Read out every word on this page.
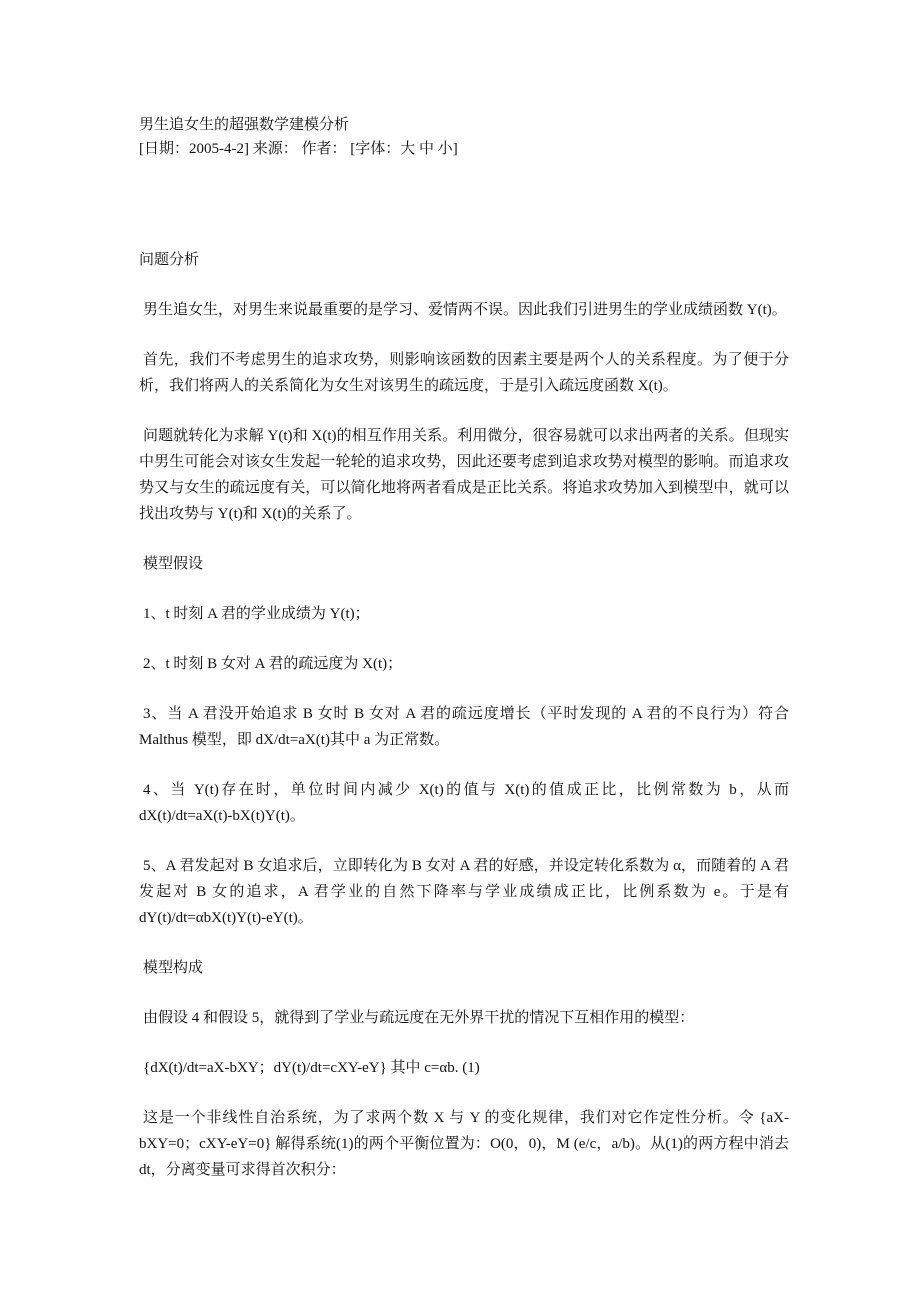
男生追女生的超强数学建模分析

[日期：2005-4-2] 来源： 作者： [字体：大 中 小]

问题分析

男生追女生，对男生来说最重要的是学习、爱情两不误。因此我们引进男生的学业成绩函数 Y(t)。

首先，我们不考虑男生的追求攻势，则影响该函数的因素主要是两个人的关系程度。为了便于分析，我们将两人的关系简化为女生对该男生的疏远度，于是引入疏远度函数 X(t)。

问题就转化为求解 Y(t)和 X(t)的相互作用关系。利用微分，很容易就可以求出两者的关系。但现实中男生可能会对该女生发起一轮轮的追求攻势，因此还要考虑到追求攻势对模型的影响。而追求攻势又与女生的疏远度有关，可以简化地将两者看成是正比关系。将追求攻势加入到模型中，就可以找出攻势与 Y(t)和 X(t)的关系了。

模型假设

1、t 时刻 A 君的学业成绩为 Y(t)；

2、t 时刻 B 女对 A 君的疏远度为 X(t)；

3、当 A 君没开始追求 B 女时 B 女对 A 君的疏远度增长（平时发现的 A 君的不良行为）符合 Malthus 模型，即 dX/dt=aX(t)其中 a 为正常数。

4、当 Y(t)存在时，单位时间内减少 X(t)的值与 X(t)的值成正比，比例常数为 b，从而 dX(t)/dt=aX(t)-bX(t)Y(t)。

5、A 君发起对 B 女追求后，立即转化为 B 女对 A 君的好感，并设定转化系数为 α，而随着的 A 君发起对 B 女的追求，A 君学业的自然下降率与学业成绩成正比，比例系数为 e。于是有 dY(t)/dt=αbX(t)Y(t)-eY(t)。

模型构成

由假设 4 和假设 5，就得到了学业与疏远度在无外界干扰的情况下互相作用的模型：

{dX(t)/dt=aX-bXY；dY(t)/dt=cXY-eY} 其中 c=αb. (1)

这是一个非线性自治系统，为了求两个数 X 与 Y 的变化规律，我们对它作定性分析。令 {aX-bXY=0；cXY-eY=0} 解得系统(1)的两个平衡位置为：O(0，0)，M (e/c，a/b)。从(1)的两方程中消去 dt，分离变量可求得首次积分：
